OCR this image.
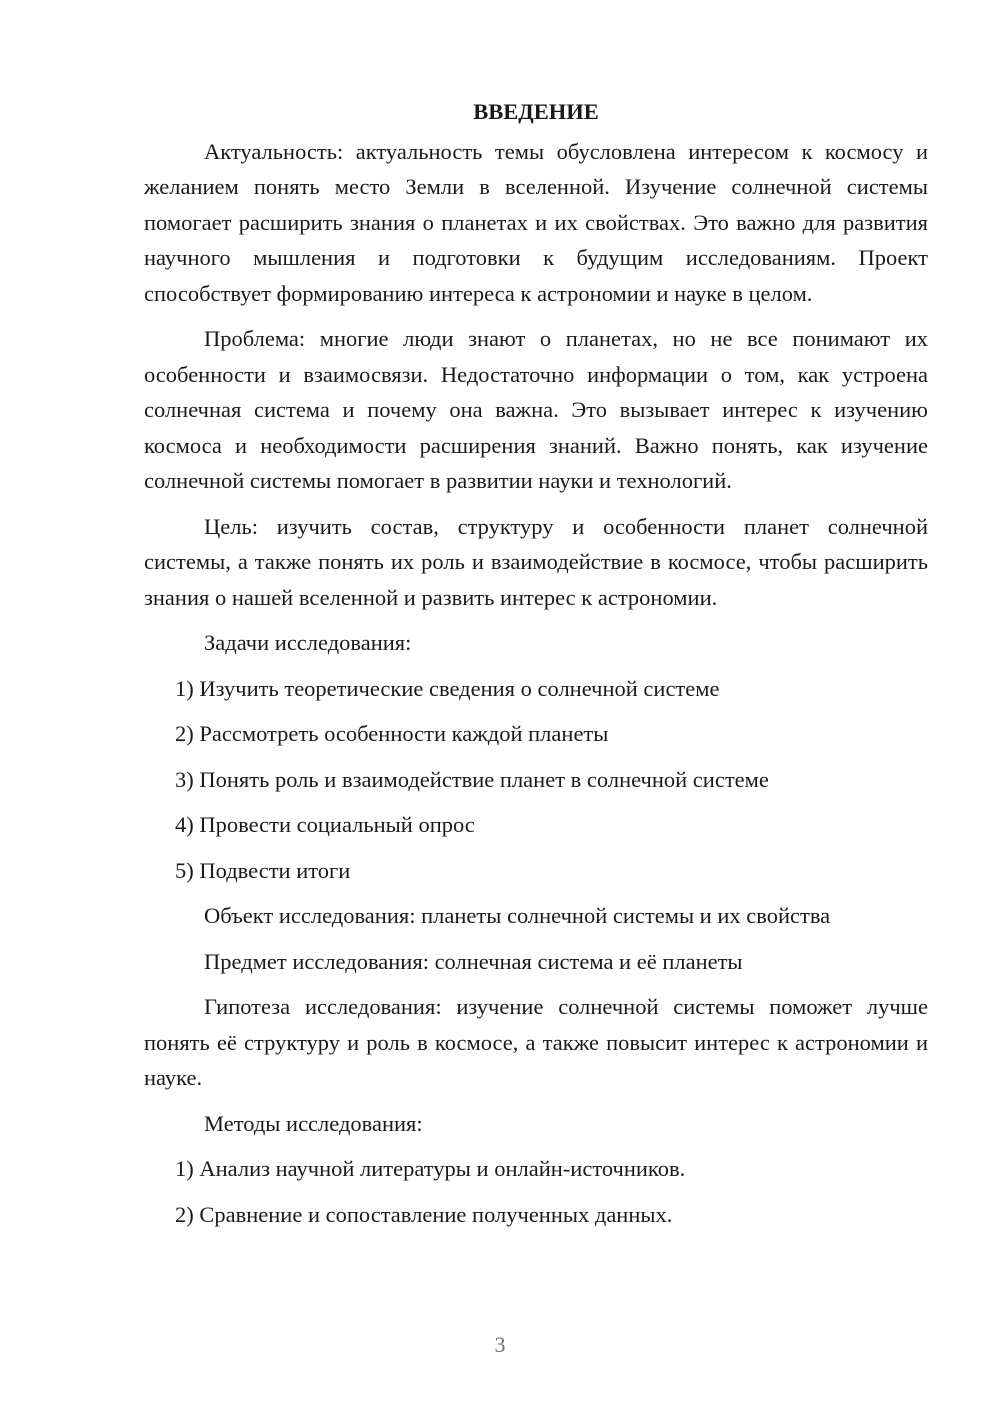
ВВЕДЕНИЕ
Актуальность: актуальность темы обусловлена интересом к космосу и желанием понять место Земли в вселенной. Изучение солнечной системы помогает расширить знания о планетах и их свойствах. Это важно для развития научного мышления и подготовки к будущим исследованиям. Проект способствует формированию интереса к астрономии и науке в целом.
Проблема: многие люди знают о планетах, но не все понимают их особенности и взаимосвязи. Недостаточно информации о том, как устроена солнечная система и почему она важна. Это вызывает интерес к изучению космоса и необходимости расширения знаний. Важно понять, как изучение солнечной системы помогает в развитии науки и технологий.
Цель: изучить состав, структуру и особенности планет солнечной системы, а также понять их роль и взаимодействие в космосе, чтобы расширить знания о нашей вселенной и развить интерес к астрономии.
Задачи исследования:
1) Изучить теоретические сведения о солнечной системе
2) Рассмотреть особенности каждой планеты
3) Понять роль и взаимодействие планет в солнечной системе
4) Провести социальный опрос
5) Подвести итоги
Объект исследования: планеты солнечной системы и их свойства
Предмет исследования: солнечная система и её планеты
Гипотеза исследования: изучение солнечной системы поможет лучше понять её структуру и роль в космосе, а также повысит интерес к астрономии и науке.
Методы исследования:
1) Анализ научной литературы и онлайн-источников.
2) Сравнение и сопоставление полученных данных.
3
